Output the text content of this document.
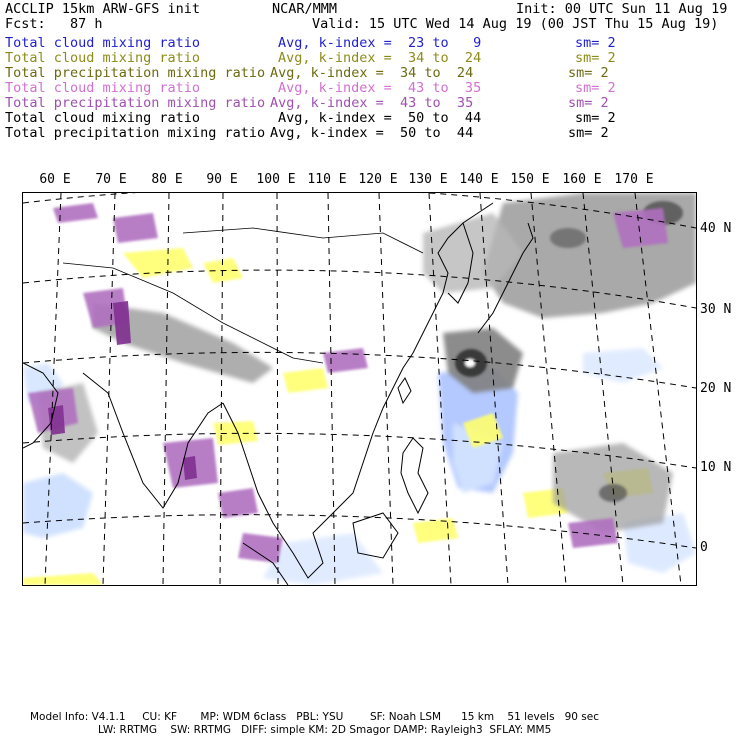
ACCLIP 15km ARW-GFS init	NCAR/MMM	Init: 00 UTC Sun 11 Aug 19
Fcst:   87 h	Valid: 15 UTC Wed 14 Aug 19 (00 JST Thu 15 Aug 19)
Total cloud mixing ratio	Avg, k-index =  23 to   9	sm= 2
Total cloud mixing ratio	Avg, k-index =  34 to  24	sm= 2
Total precipitation mixing ratio Avg, k-index =  34 to  24	sm= 2
Total cloud mixing ratio	Avg, k-index =  43 to  35	sm= 2
Total precipitation mixing ratio Avg, k-index =  43 to  35	sm= 2
Total cloud mixing ratio	Avg, k-index =  50 to  44	sm= 2
Total precipitation mixing ratio Avg, k-index =  50 to  44	sm= 2
60 E 70 E 80 E 90 E 100 E 110 E 120 E 130 E 140 E 150 E 160 E 170 E
40 N
30 N
20 N
10 N
0
Model Info: V4.1.1     CU: KF       MP: WDM 6class   PBL: YSU        SF: Noah LSM      15 km    51 levels   90 sec
LW: RRTMG    SW: RRTMG   DIFF: simple KM: 2D Smagor DAMP: Rayleigh3  SFLAY: MM5
